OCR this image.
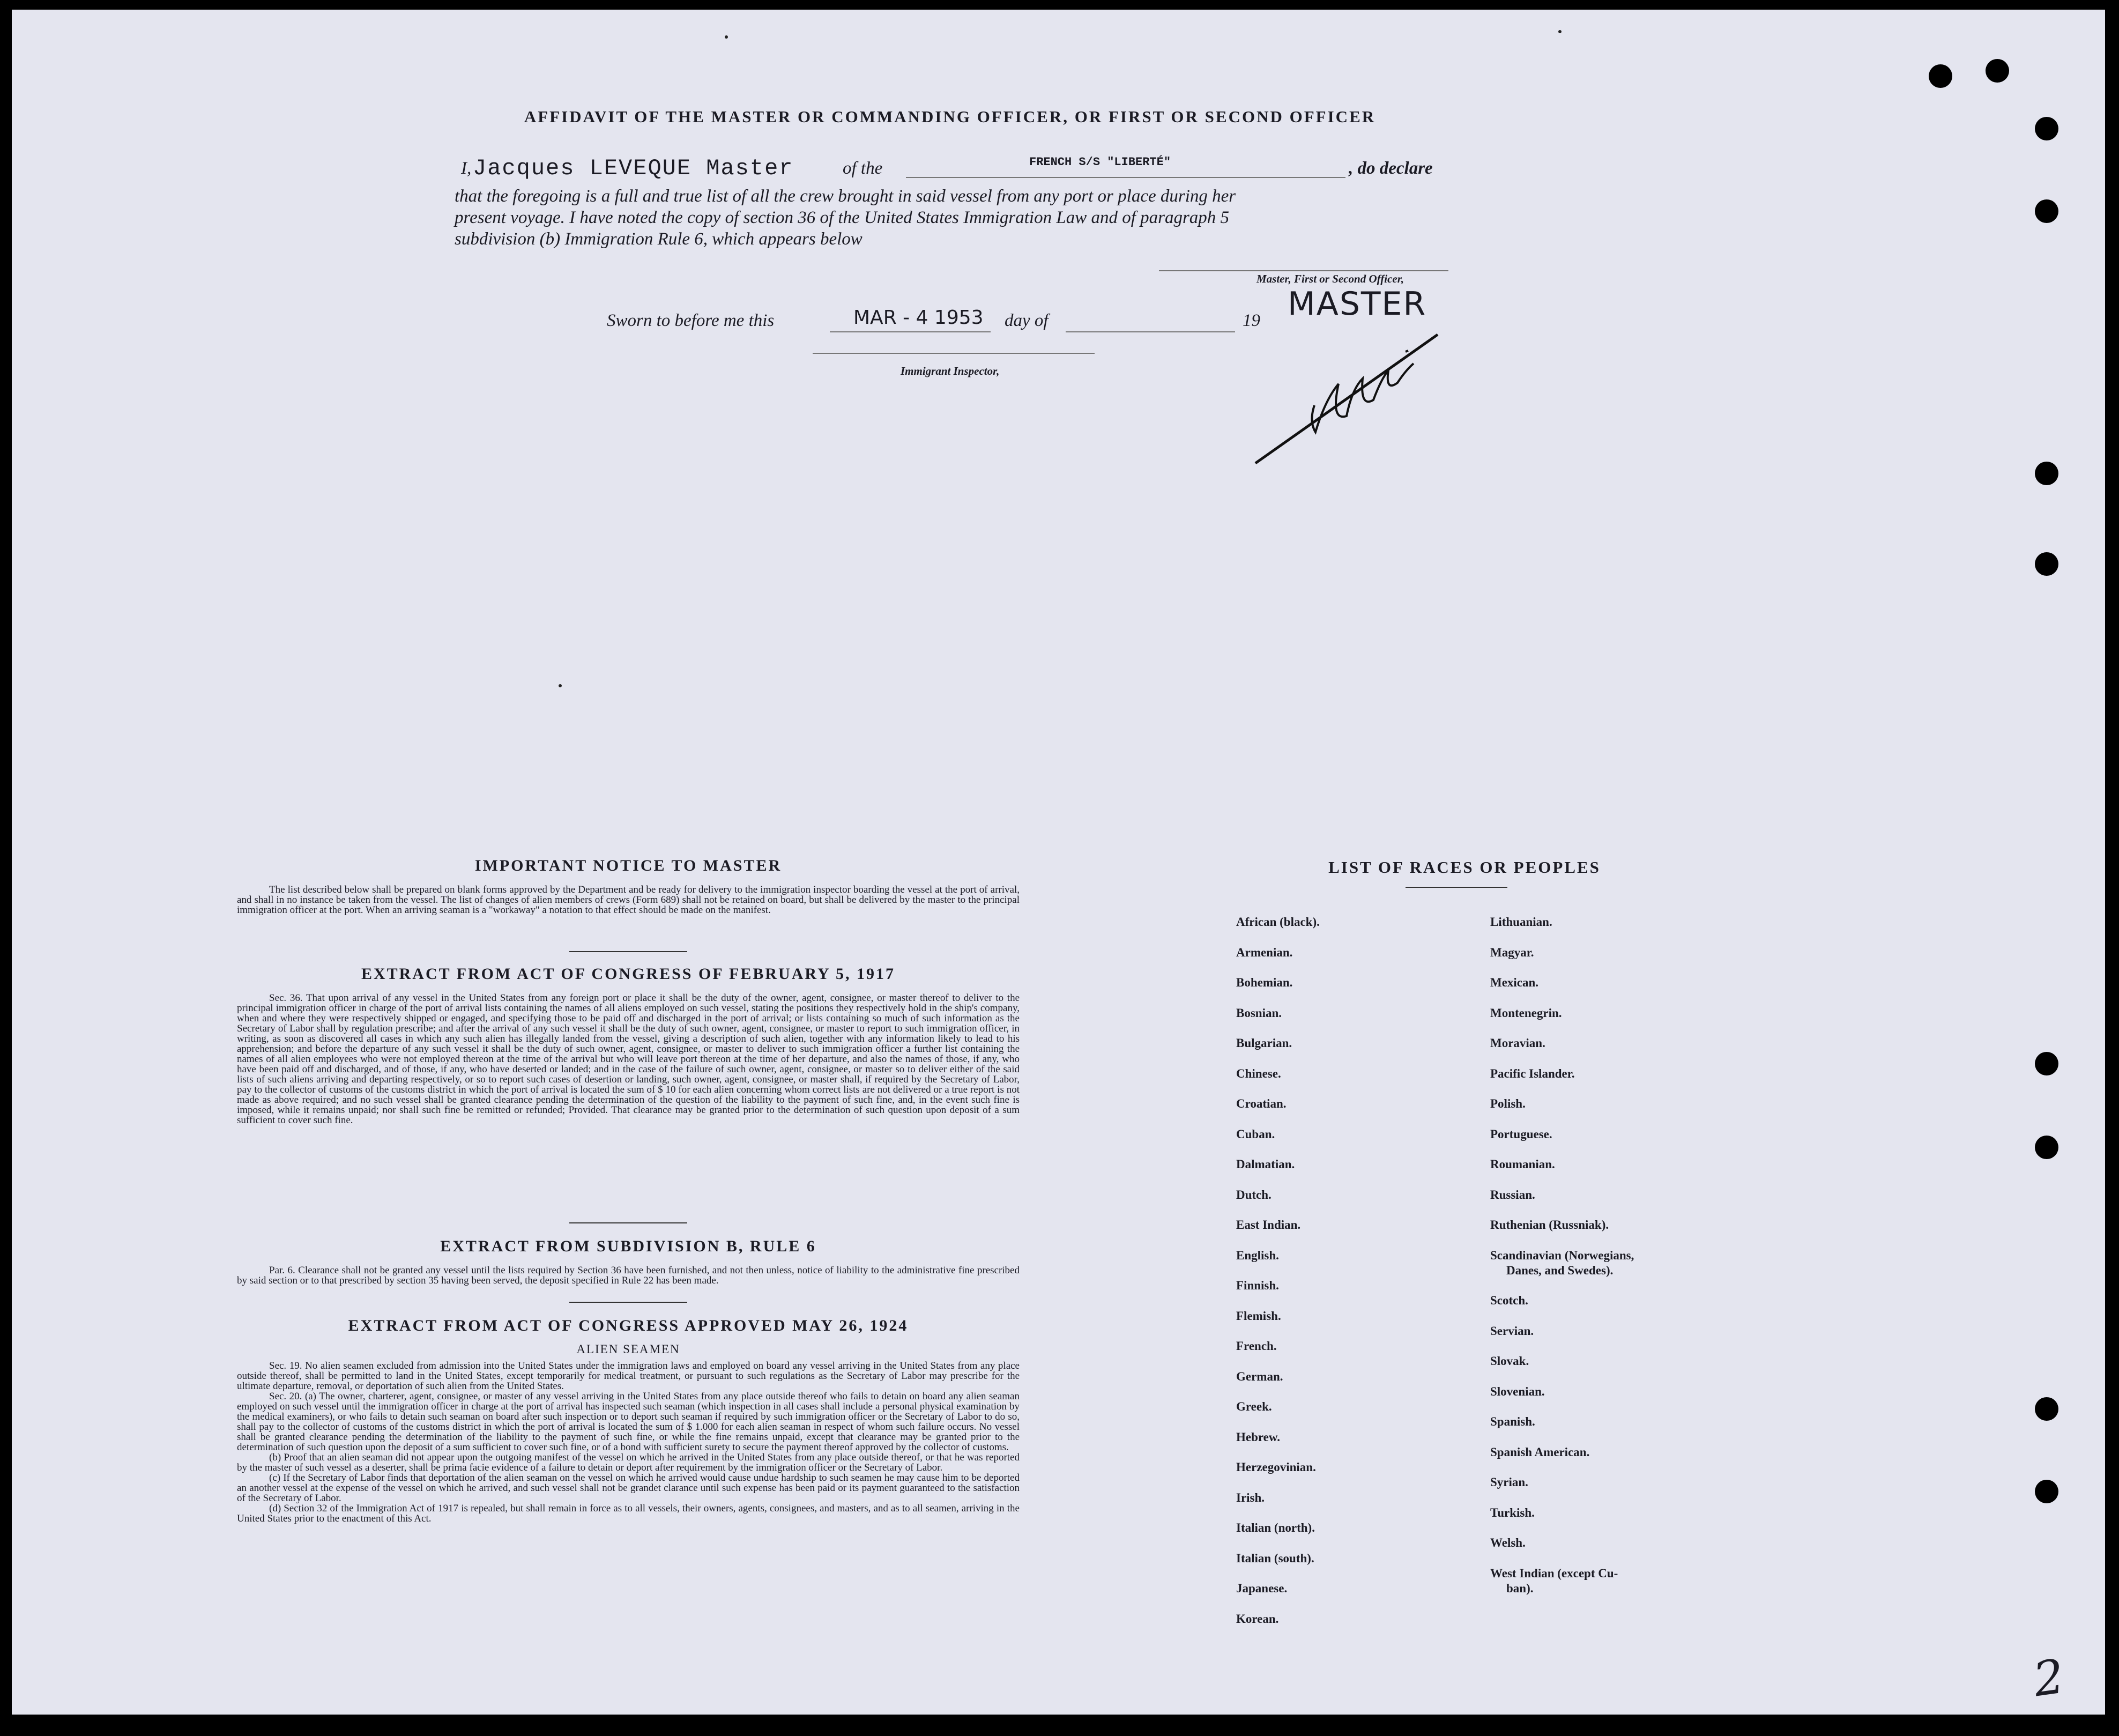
AFFIDAVIT OF THE MASTER OR COMMANDING OFFICER, OR FIRST OR SECOND OFFICER
I, Jacques LEVEQUE Master	of the	FRENCH S/S "LIBERTÉ"	, do declare
that the foregoing is a full and true list of all the crew brought in said vessel from any port or place during her
present voyage. I have noted the copy of section 36 of the United States Immigration Law and of paragraph 5
subdivision (b) Immigration Rule 6, which appears below
Master, First or Second Officer,
MASTER
Sworn to before me this	MAR - 4 1953 day of	19
Immigrant Inspector,
IMPORTANT NOTICE TO MASTER

The list described below shall be prepared on blank forms approved by the Department and be ready for delivery to the immigration inspector boarding the vessel at the port of arrival, and shall in no instance be taken from the vessel. The list of changes of alien members of crews (Form 689) shall not be retained on board, but shall be delivered by the master to the principal immigration officer at the port. When an arriving seaman is a "workaway" a notation to that effect should be made on the manifest.

EXTRACT FROM ACT OF CONGRESS OF FEBRUARY 5, 1917

Sec. 36. That upon arrival of any vessel in the United States from any foreign port or place it shall be the duty of the owner, agent, consignee, or master thereof to deliver to the principal immigration officer in charge of the port of arrival lists containing the names of all aliens employed on such vessel, stating the positions they respectively hold in the ship's company, when and where they were respectively shipped or engaged, and specifying those to be paid off and discharged in the port of arrival; or lists containing so much of such information as the Secretary of Labor shall by regulation prescribe; and after the arrival of any such vessel it shall be the duty of such owner, agent, consignee, or master to report to such immigration officer, in writing, as soon as discovered all cases in which any such alien has illegally landed from the vessel, giving a description of such alien, together with any information likely to lead to his apprehension; and before the departure of any such vessel it shall be the duty of such owner, agent, consignee, or master to deliver to such immigration officer a further list containing the names of all alien employees who were not employed thereon at the time of the arrival but who will leave port thereon at the time of her departure, and also the names of those, if any, who have been paid off and discharged, and of those, if any, who have deserted or landed; and in the case of the failure of such owner, agent, consignee, or master so to deliver either of the said lists of such aliens arriving and departing respectively, or so to report such cases of desertion or landing, such owner, agent, consignee, or master shall, if required by the Secretary of Labor, pay to the collector of customs of the customs district in which the port of arrival is located the sum of $ 10 for each alien concerning whom correct lists are not delivered or a true report is not made as above required; and no such vessel shall be granted clearance pending the determination of the question of the liability to the payment of such fine, and, in the event such fine is imposed, while it remains unpaid; nor shall such fine be remitted or refunded; Provided. That clearance may be granted prior to the determination of such question upon deposit of a sum sufficient to cover such fine.

EXTRACT FROM SUBDIVISION B, RULE 6

Par. 6. Clearance shall not be granted any vessel until the lists required by Section 36 have been furnished, and not then unless, notice of liability to the administrative fine prescribed by said section or to that prescribed by section 35 having been served, the deposit specified in Rule 22 has been made.

EXTRACT FROM ACT OF CONGRESS APPROVED MAY 26, 1924
ALIEN SEAMEN

Sec. 19. No alien seamen excluded from admission into the United States under the immigration laws and employed on board any vessel arriving in the United States from any place outside thereof, shall be permitted to land in the United States, except temporarily for medical treatment, or pursuant to such regulations as the Secretary of Labor may prescribe for the ultimate departure, removal, or deportation of such alien from the United States.

Sec. 20. (a) The owner, charterer, agent, consignee, or master of any vessel arriving in the United States from any place outside thereof who fails to detain on board any alien seaman employed on such vessel until the immigration officer in charge at the port of arrival has inspected such seaman (which inspection in all cases shall include a personal physical examination by the medical examiners), or who fails to detain such seaman on board after such inspection or to deport such seaman if required by such immigration officer or the Secretary of Labor to do so, shall pay to the collector of customs of the customs district in which the port of arrival is located the sum of $ 1.000 for each alien seaman in respect of whom such failure occurs. No vessel shall be granted clearance pending the determination of the liability to the payment of such fine, or while the fine remains unpaid, except that clearance may be granted prior to the determination of such question upon the deposit of a sum sufficient to cover such fine, or of a bond with sufficient surety to secure the payment thereof approved by the collector of customs.

(b) Proof that an alien seaman did not appear upon the outgoing manifest of the vessel on which he arrived in the United States from any place outside thereof, or that he was reported by the master of such vessel as a deserter, shall be prima facie evidence of a failure to detain or deport after requirement by the immigration officer or the Secretary of Labor.

(c) If the Secretary of Labor finds that deportation of the alien seaman on the vessel on which he arrived would cause undue hardship to such seamen he may cause him to be deported an another vessel at the expense of the vessel on which he arrived, and such vessel shall not be grandet clarance until such expense has been paid or its payment guaranteed to the satisfaction of the Secretary of Labor.

(d) Section 32 of the Immigration Act of 1917 is repealed, but shall remain in force as to all vessels, their owners, agents, consignees, and masters, and as to all seamen, arriving in the United States prior to the enactment of this Act.

LIST OF RACES OR PEOPLES
African (black).
Armenian.
Bohemian.
Bosnian.
Bulgarian.
Chinese.
Croatian.
Cuban.
Dalmatian.
Dutch.
East Indian.
English.
Finnish.
Flemish.
French.
German.
Greek.
Hebrew.
Herzegovinian.
Irish.
Italian (north).
Italian (south).
Japanese.
Korean.
Lithuanian.
Magyar.
Mexican.
Montenegrin.
Moravian.
Pacific Islander.
Polish.
Portuguese.
Roumanian.
Russian.
Ruthenian (Russniak).
Scandinavian (Norwegians,
Danes, and Swedes).
Scotch.
Servian.
Slovak.
Slovenian.
Spanish.
Spanish American.
Syrian.
Turkish.
Welsh.
West Indian (except Cu-
ban).
2
